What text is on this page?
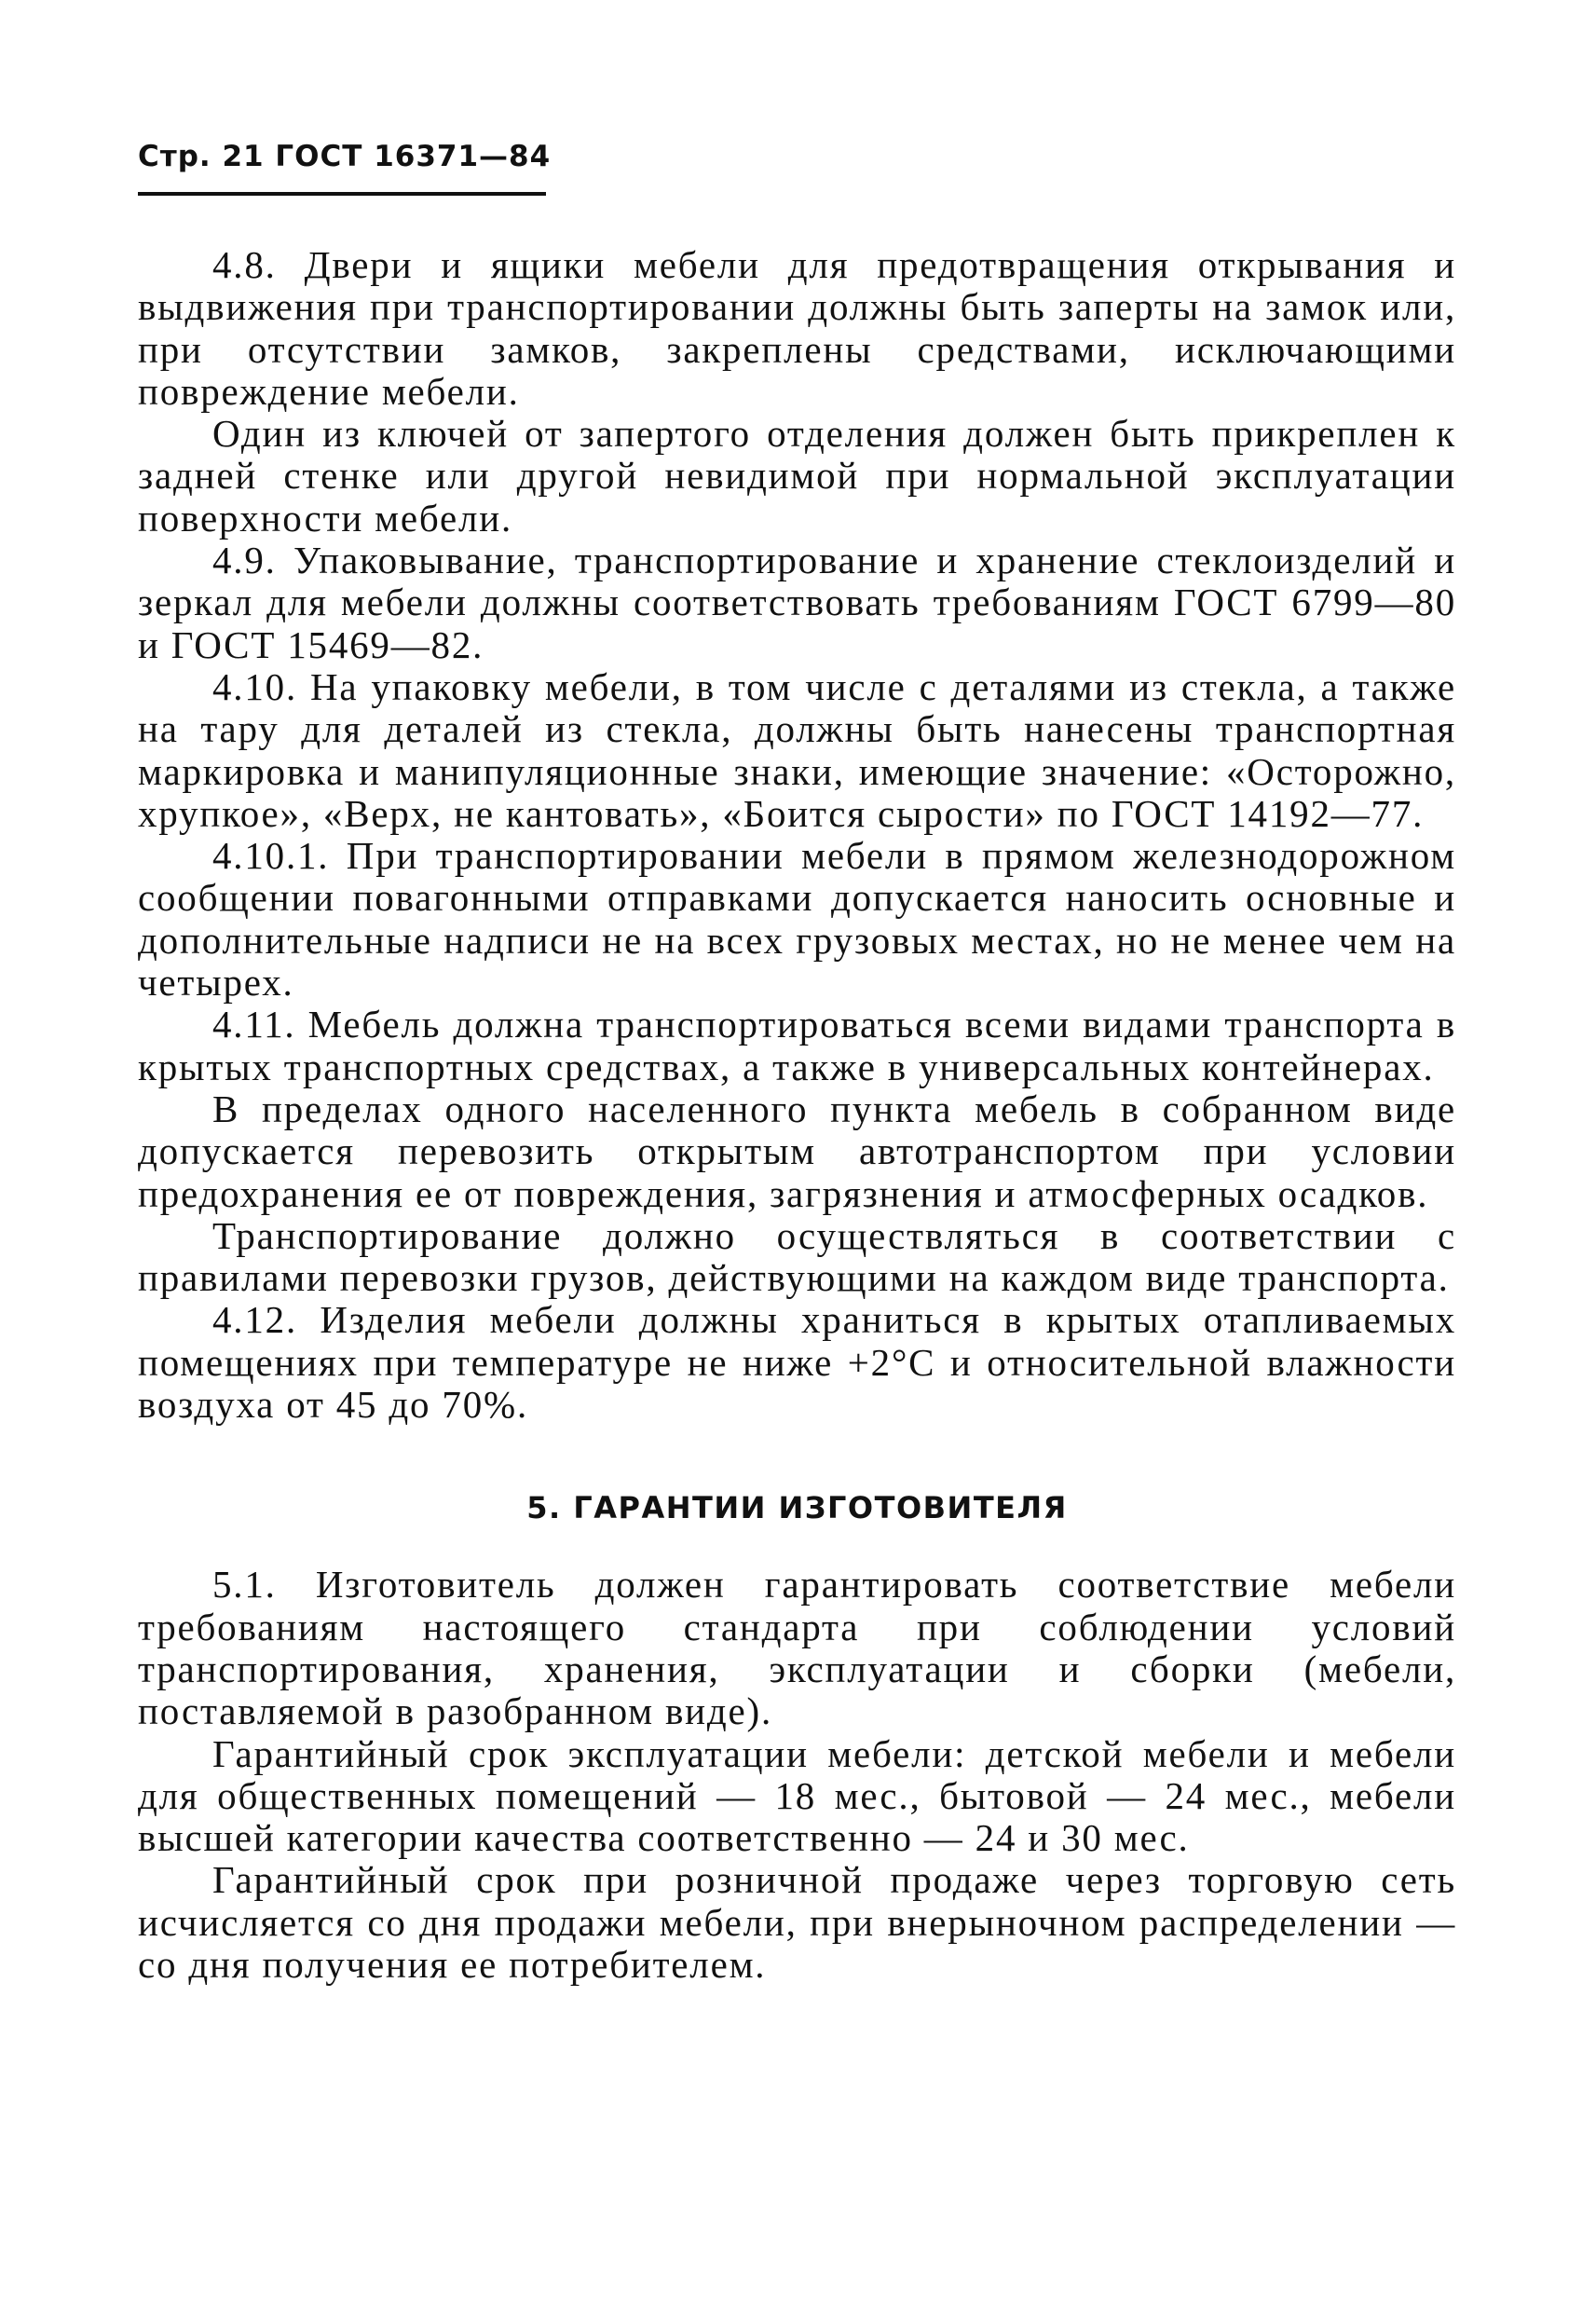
Стр. 21 ГОСТ 16371—84

4.8. Двери и ящики мебели для предотвращения открывания и выдвижения при транспортировании должны быть заперты на замок или, при отсутствии замков, закреплены средствами, исключающими повреждение мебели.

Один из ключей от запертого отделения должен быть прикреплен к задней стенке или другой невидимой при нормальной эксплуатации поверхности мебели.

4.9. Упаковывание, транспортирование и хранение стеклоизделий и зеркал для мебели должны соответствовать требованиям ГОСТ 6799—80 и ГОСТ 15469—82.

4.10. На упаковку мебели, в том числе с деталями из стекла, а также на тару для деталей из стекла, должны быть нанесены транспортная маркировка и манипуляционные знаки, имеющие значение: «Осторожно, хрупкое», «Верх, не кантовать», «Боится сырости» по ГОСТ 14192—77.

4.10.1. При транспортировании мебели в прямом железнодорожном сообщении повагонными отправками допускается наносить основные и дополнительные надписи не на всех грузовых местах, но не менее чем на четырех.

4.11. Мебель должна транспортироваться всеми видами транспорта в крытых транспортных средствах, а также в универсальных контейнерах.

В пределах одного населенного пункта мебель в собранном виде допускается перевозить открытым автотранспортом при условии предохранения ее от повреждения, загрязнения и атмосферных осадков.

Транспортирование должно осуществляться в соответствии с правилами перевозки грузов, действующими на каждом виде транспорта.

4.12. Изделия мебели должны храниться в крытых отапливаемых помещениях при температуре не ниже +2°C и относительной влажности воздуха от 45 до 70%.

5. ГАРАНТИИ ИЗГОТОВИТЕЛЯ

5.1. Изготовитель должен гарантировать соответствие мебели требованиям настоящего стандарта при соблюдении условий транспортирования, хранения, эксплуатации и сборки (мебели, поставляемой в разобранном виде).

Гарантийный срок эксплуатации мебели: детской мебели и мебели для общественных помещений — 18 мес., бытовой — 24 мес., мебели высшей категории качества соответственно — 24 и 30 мес.

Гарантийный срок при розничной продаже через торговую сеть исчисляется со дня продажи мебели, при внерыночном распределении — со дня получения ее потребителем.
